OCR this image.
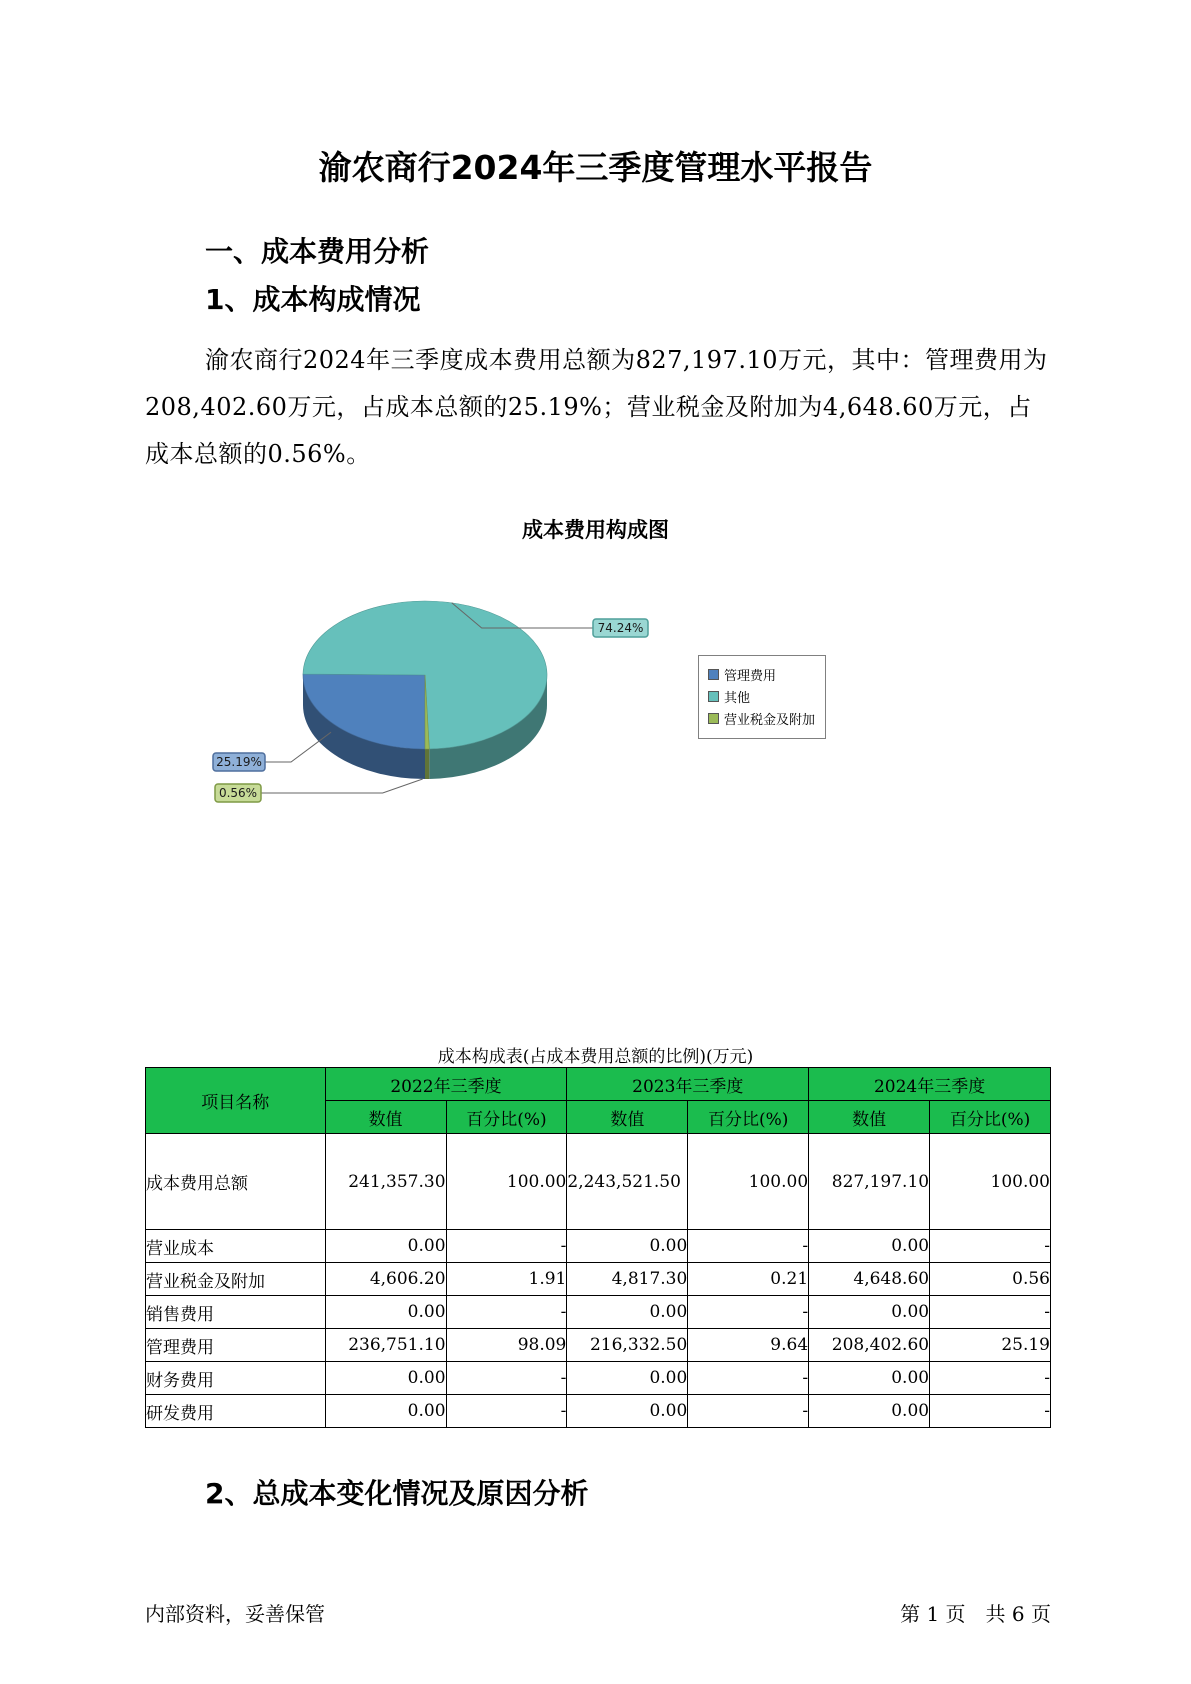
渝农商行2024年三季度管理水平报告
一、成本费用分析
1、成本构成情况
渝农商行2024年三季度成本费用总额为827,197.10万元，其中：管理费用为208,402.60万元，占成本总额的25.19%；营业税金及附加为4,648.60万元，占成本总额的0.56%。
成本费用构成图
25.19%
74.24%
0.56%
管理费用
其他
营业税金及附加
成本构成表(占成本费用总额的比例)(万元)
项目名称	2022年三季度		2023年三季度		2024年三季度	
	数值	百分比(%)	数值	百分比(%)	数值	百分比(%)
成本费用总额	241,357.30	100.00	2,243,521.50	100.00	827,197.10	100.00
营业成本	0.00	-	0.00	-	0.00	-
营业税金及附加	4,606.20	1.91	4,817.30	0.21	4,648.60	0.56
销售费用	0.00	-	0.00	-	0.00	-
管理费用	236,751.10	98.09	216,332.50	9.64	208,402.60	25.19
财务费用	0.00	-	0.00	-	0.00	-
研发费用	0.00	-	0.00	-	0.00	-
2、总成本变化情况及原因分析
内部资料，妥善保管	第 1 页　共 6 页
